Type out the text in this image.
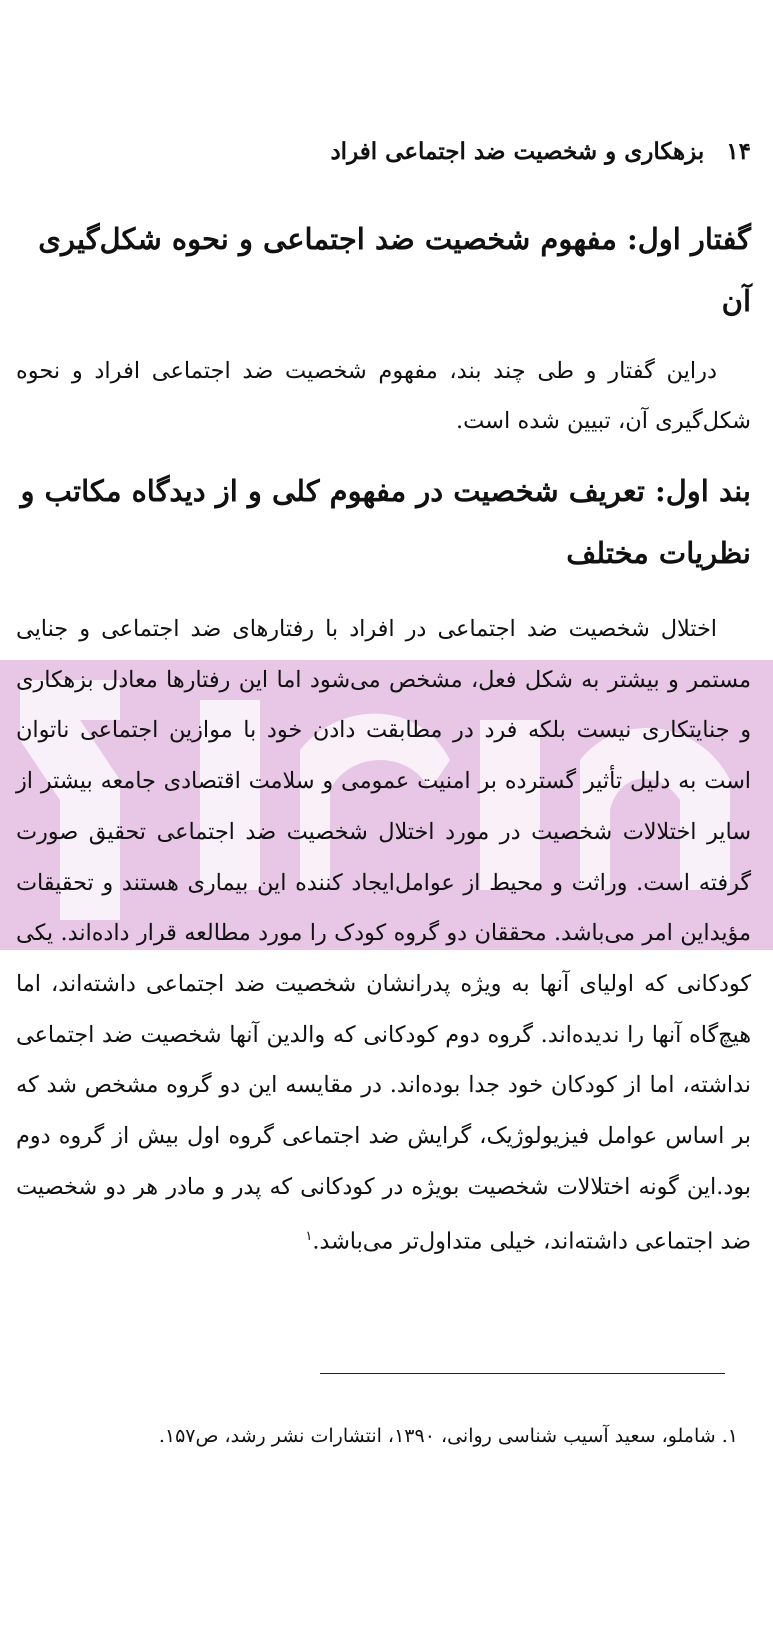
۱۴بزهکاری و شخصیت ضد اجتماعی افراد
گفتار اول: مفهوم شخصیت ضد اجتماعی و نحوه شکل‌گیری آن

دراین گفتار و طی چند بند، مفهوم شخصیت ضد اجتماعی افراد و نحوه شکل‌گیری آن، تبیین شده است.

بند اول: تعریف شخصیت در مفهوم کلی و از دیدگاه مکاتب و نظریات مختلف

اختلال شخصیت ضد اجتماعی در افراد با رفتارهای ضد اجتماعی و جنایی مستمر و بیشتر به شکل فعل، مشخص می‌شود اما این رفتارها معادل بزهکاری و جنایتکاری نیست بلکه فرد در مطابقت دادن خود با موازین اجتماعی ناتوان است به دلیل تأثیر گسترده بر امنیت عمومی و سلامت اقتصادی جامعه بیشتر از سایر اختلالات شخصیت در مورد اختلال شخصیت ضد اجتماعی تحقیق صورت گرفته است. وراثت و محیط از عوامل‌ایجاد کننده این بیماری هستند و تحقیقات مؤیداین امر می‌باشد. محققان دو گروه کودک را مورد مطالعه قرار داده‌اند. یکی کودکانی که اولیای آنها به ویژه پدرانشان شخصیت ضد اجتماعی داشته‌اند، اما هیچ‌گاه آنها را ندیده‌اند. گروه دوم کودکانی که والدین آنها شخصیت ضد اجتماعی نداشته، اما از کودکان خود جدا بوده‌اند. در مقایسه این دو گروه مشخص شد که بر اساس عوامل فیزیولوژیک، گرایش ضد اجتماعی گروه اول بیش از گروه دوم بود.این گونه اختلالات شخصیت بویژه در کودکانی که پدر و مادر هر دو شخصیت ضد اجتماعی داشته‌اند، خیلی متداول‌تر می‌باشد.$^۱$

۱. شاملو، سعید آسیب شناسی روانی، ۱۳۹۰، انتشارات نشر رشد، ص۱۵۷.
